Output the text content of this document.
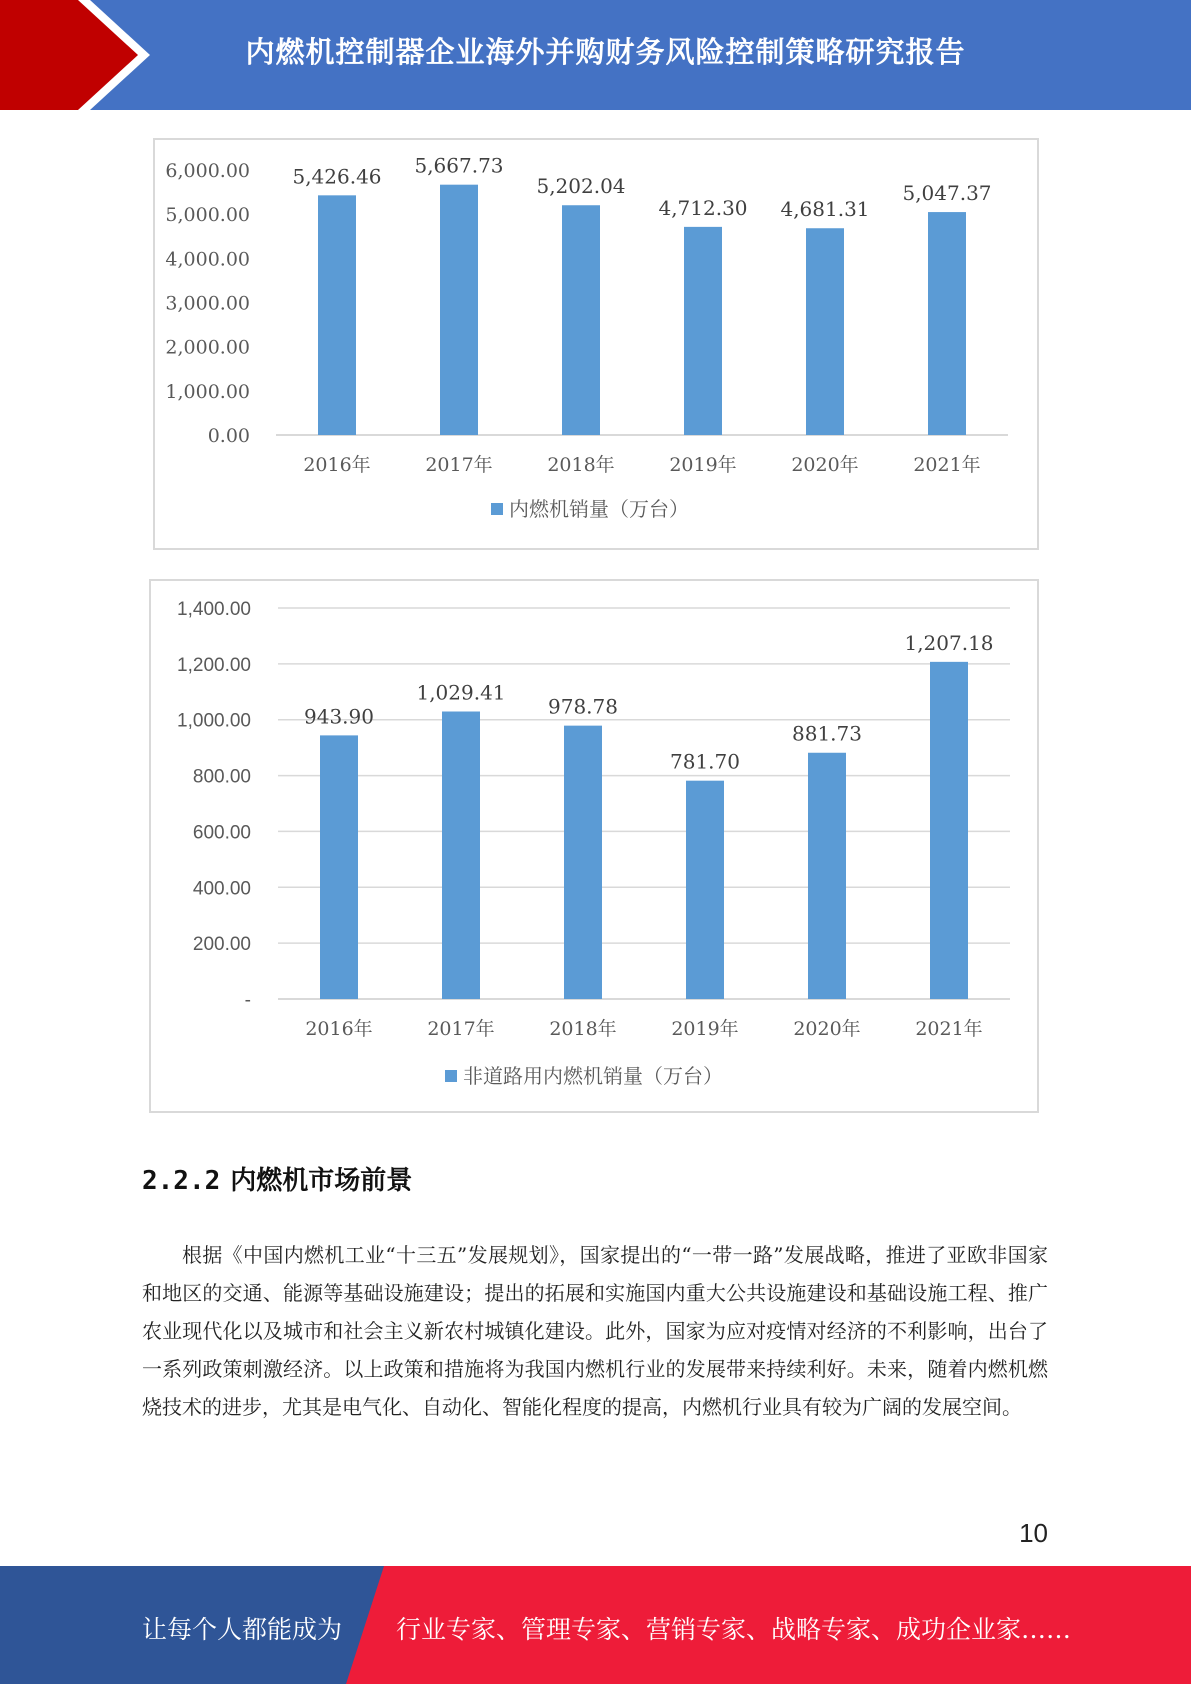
内燃机控制器企业海外并购财务风险控制策略研究报告
0.00
1,000.00
2,000.00
3,000.00
4,000.00
5,000.00
6,000.00 5,426.46
2016年
5,667.73
2017年
5,202.04
2018年
4,712.30
2019年
4,681.31
2020年
5,047.37
2021年
内燃机销量（万台）
-
200.00
400.00
600.00
800.00
1,000.00
1,200.00
1,400.00
943.90
2016年
1,029.41
2017年
978.78
2018年
781.70
2019年
881.73
2020年
1,207.18
2021年
非道路用内燃机销量（万台）
2.2.2 内燃机市场前景
根据《中国内燃机工业“十三五”发展规划》，国家提出的“一带一路”发展战略，推进了亚欧非国家和地区的交通、能源等基础设施建设；提出的拓展和实施国内重大公共设施建设和基础设施工程、推广农业现代化以及城市和社会主义新农村城镇化建设。此外，国家为应对疫情对经济的不利影响，出台了一系列政策刺激经济。以上政策和措施将为我国内燃机行业的发展带来持续利好。未来，随着内燃机燃烧技术的进步，尤其是电气化、自动化、智能化程度的提高，内燃机行业具有较为广阔的发展空间。
10
让每个人都能成为 行业专家、管理专家、营销专家、战略专家、成功企业家……
